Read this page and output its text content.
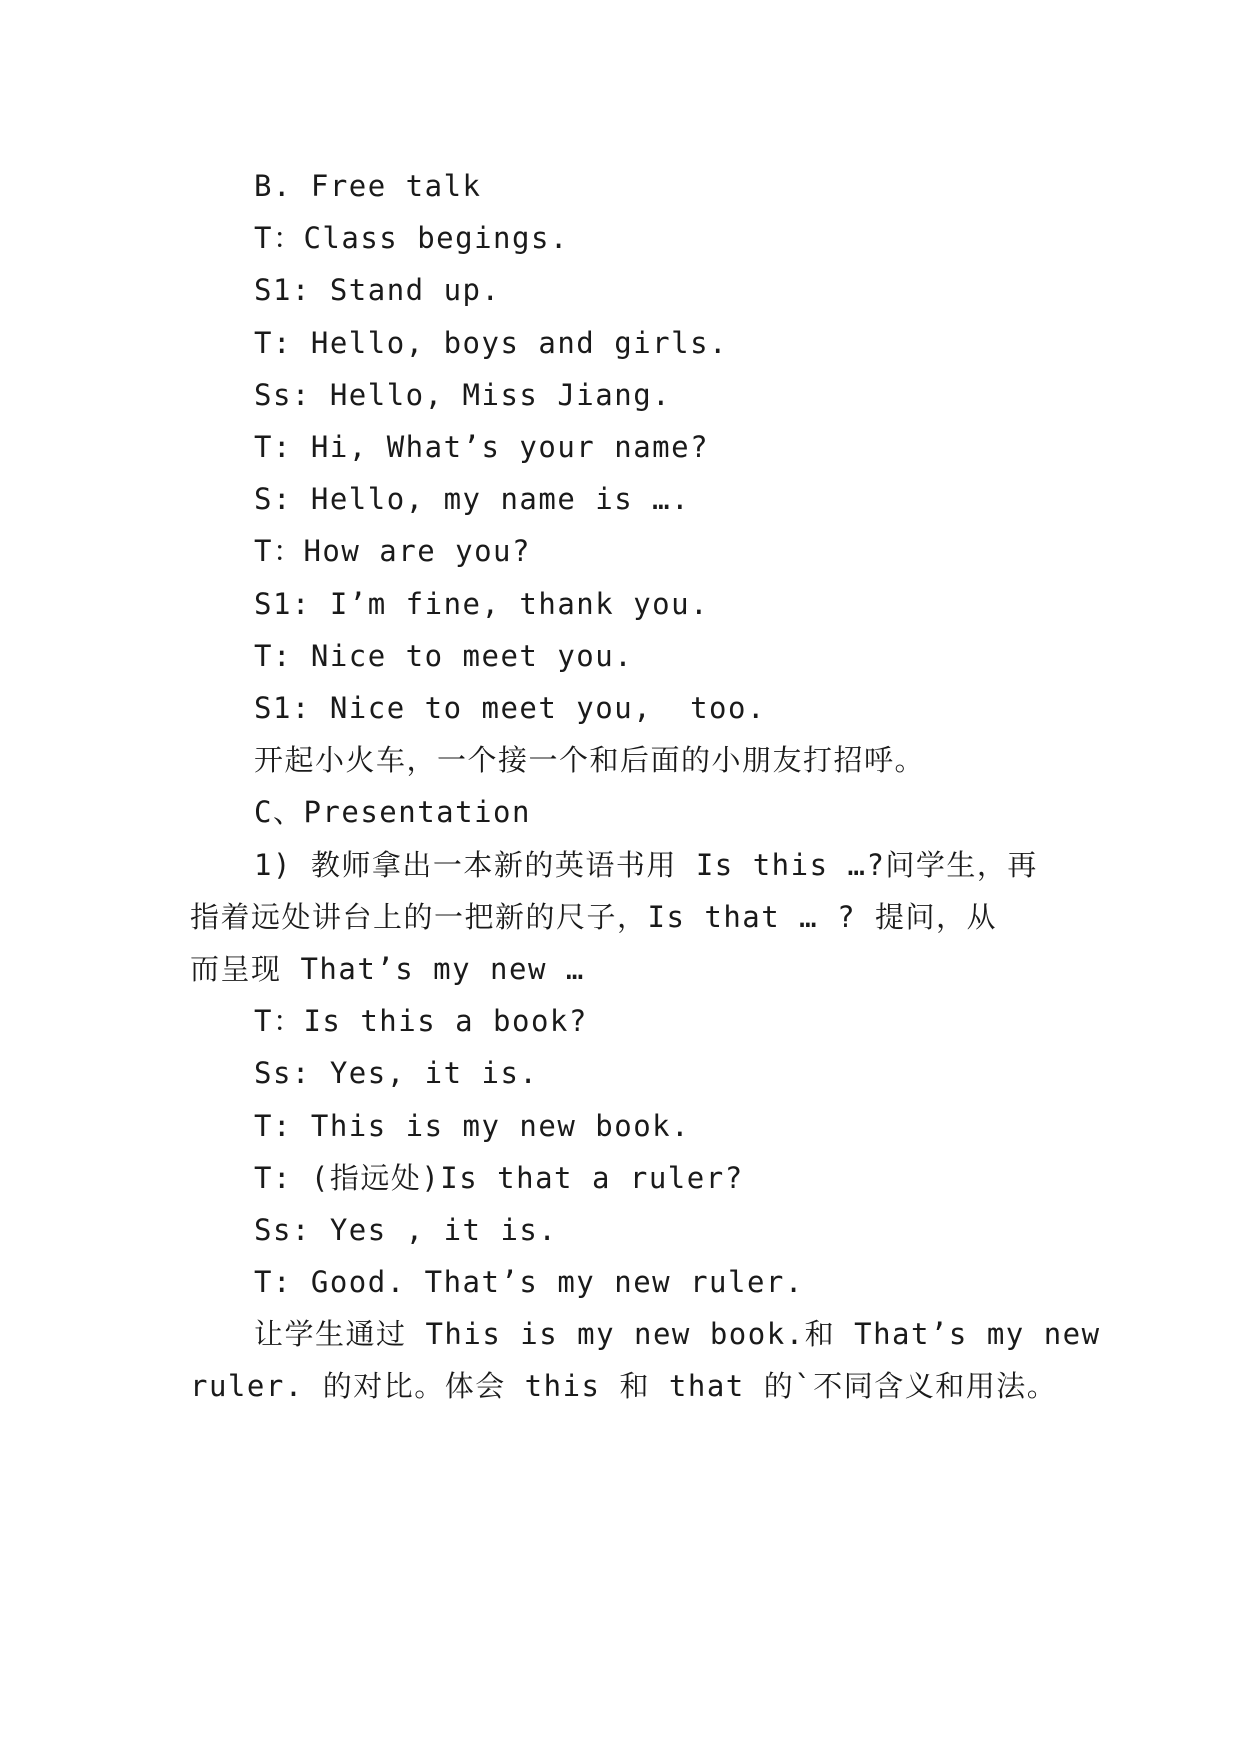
B. Free talk
T：Class begings.
S1: Stand up.
T: Hello, boys and girls.
Ss: Hello, Miss Jiang.
T: Hi, What’s your name?
S: Hello, my name is ….
T：How are you?
S1: I’m fine, thank you.
T: Nice to meet you.
S1: Nice to meet you,  too.
开起小火车，一个接一个和后面的小朋友打招呼。
C、Presentation
1) 教师拿出一本新的英语书用 Is this …?问学生，再
指着远处讲台上的一把新的尺子，Is that … ? 提问，从
而呈现 That’s my new …
T：Is this a book?
Ss: Yes, it is.
T: This is my new book.
T: (指远处)Is that a ruler?
Ss: Yes , it is.
T: Good. That’s my new ruler.
让学生通过 This is my new book.和 That’s my new
ruler. 的对比。体会 this 和 that 的`不同含义和用法。
